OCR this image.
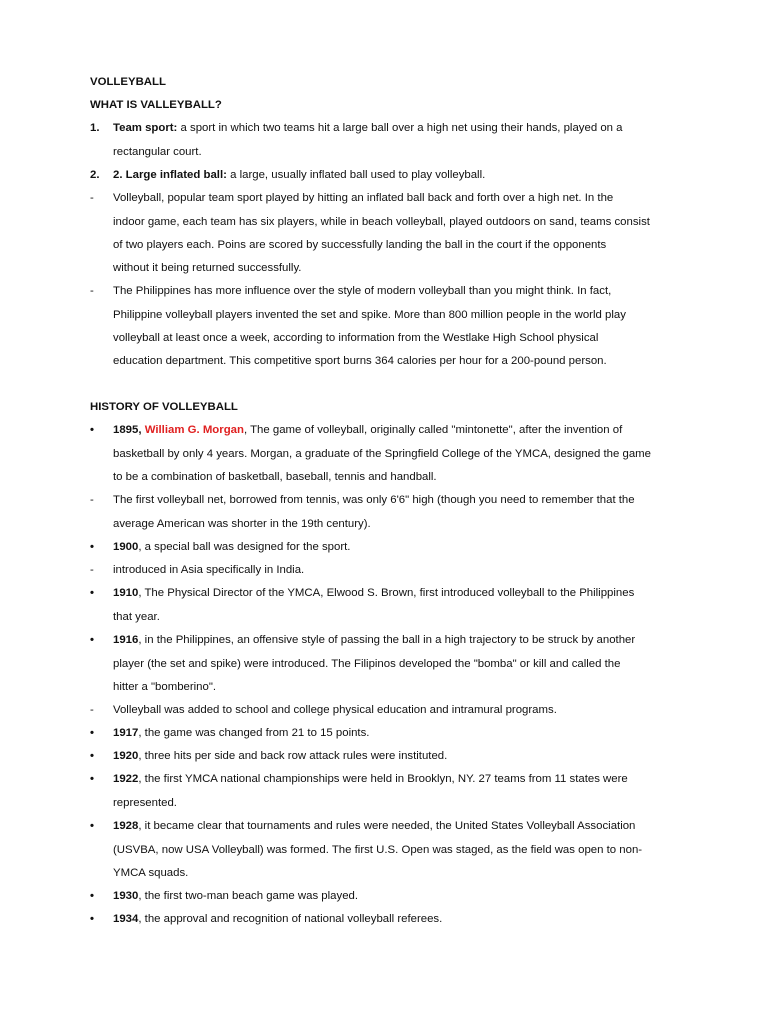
VOLLEYBALL
WHAT IS VALLEYBALL?
1. Team sport: a sport in which two teams hit a large ball over a high net using their hands, played on a
rectangular court.
2. 2. Large inflated ball: a large, usually inflated ball used to play volleyball.
- Volleyball, popular team sport played by hitting an inflated ball back and forth over a high net. In the
indoor game, each team has six players, while in beach volleyball, played outdoors on sand, teams consist
of two players each. Poins are scored by successfully landing the ball in the court if the opponents
without it being returned successfully.
- The Philippines has more influence over the style of modern volleyball than you might think. In fact,
Philippine volleyball players invented the set and spike. More than 800 million people in the world play
volleyball at least once a week, according to information from the Westlake High School physical
education department. This competitive sport burns 364 calories per hour for a 200-pound person.
HISTORY OF VOLLEYBALL
• 1895, William G. Morgan, The game of volleyball, originally called "mintonette", after the invention of
basketball by only 4 years. Morgan, a graduate of the Springfield College of the YMCA, designed the game
to be a combination of basketball, baseball, tennis and handball.
- The first volleyball net, borrowed from tennis, was only 6'6" high (though you need to remember that the
average American was shorter in the 19th century).
• 1900, a special ball was designed for the sport.
- introduced in Asia specifically in India.
• 1910, The Physical Director of the YMCA, Elwood S. Brown, first introduced volleyball to the Philippines
that year.
• 1916, in the Philippines, an offensive style of passing the ball in a high trajectory to be struck by another
player (the set and spike) were introduced. The Filipinos developed the "bomba" or kill and called the
hitter a "bomberino".
- Volleyball was added to school and college physical education and intramural programs.
• 1917, the game was changed from 21 to 15 points.
• 1920, three hits per side and back row attack rules were instituted.
• 1922, the first YMCA national championships were held in Brooklyn, NY. 27 teams from 11 states were
represented.
• 1928, it became clear that tournaments and rules were needed, the United States Volleyball Association
(USVBA, now USA Volleyball) was formed. The first U.S. Open was staged, as the field was open to non-
YMCA squads.
• 1930, the first two-man beach game was played.
• 1934, the approval and recognition of national volleyball referees.
